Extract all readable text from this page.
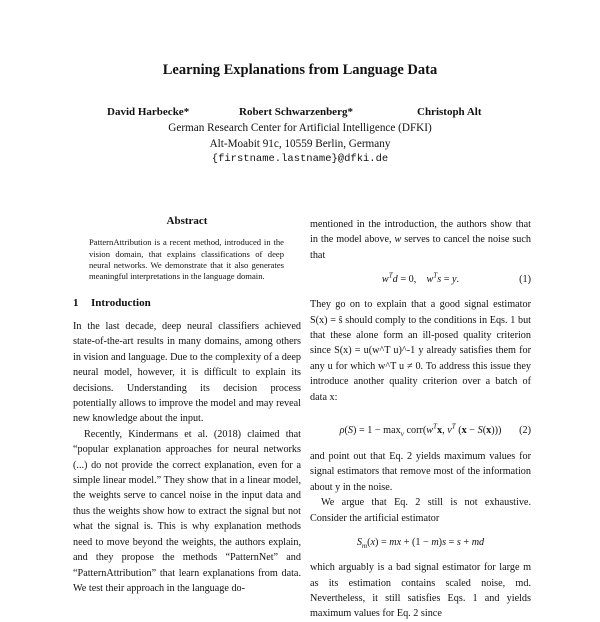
Learning Explanations from Language Data
David Harbecke*	Robert Schwarzenberg*	Christoph Alt
German Research Center for Artificial Intelligence (DFKI)
Alt-Moabit 91c, 10559 Berlin, Germany
{firstname.lastname}@dfki.de
Abstract

PatternAttribution is a recent method, introduced in the vision domain, that explains classifications of deep neural networks. We demonstrate that it also generates meaningful interpretations in the language domain.

1 Introduction

In the last decade, deep neural classifiers achieved state-of-the-art results in many domains, among others in vision and language. Due to the complexity of a deep neural model, however, it is difficult to explain its decisions. Understanding its decision process potentially allows to improve the model and may reveal new knowledge about the input.

Recently, Kindermans et al. (2018) claimed that “popular explanation approaches for neural networks (...) do not provide the correct explanation, even for a simple linear model.” They show that in a linear model, the weights serve to cancel noise in the input data and thus the weights show how to extract the signal but not what the signal is. This is why explanation methods need to move beyond the weights, the authors explain, and they propose the methods “PatternNet” and “PatternAttribution” that learn explanations from data. We test their approach in the language do-

mentioned in the introduction, the authors show that in the model above, w serves to cancel the noise such that

$w^Td = 0$,    $w^Ts = y$.	(1)

They go on to explain that a good signal estimator S(x) = ŝ should comply to the conditions in Eqs. 1 but that these alone form an ill-posed quality criterion since S(x) = u(w^T u)^-1 y already satisfies them for any u for which w^T u ≠ 0. To address this issue they introduce another quality criterion over a batch of data x:

$\rho(S) = 1 - \max_v$ $corr(w^Tx$, $v^T$ (x − S(x))) (2)

and point out that Eq. 2 yields maximum values for signal estimators that remove most of the information about y in the noise.

We argue that Eq. 2 still is not exhaustive. Consider the artificial estimator

$S_m(x)$ = mx + (1 − m)s = s + md

which arguably is a bad signal estimator for large m as its estimation contains scaled noise, md. Nevertheless, it still satisfies Eqs. 1 and yields maximum values for Eq. 2 since
